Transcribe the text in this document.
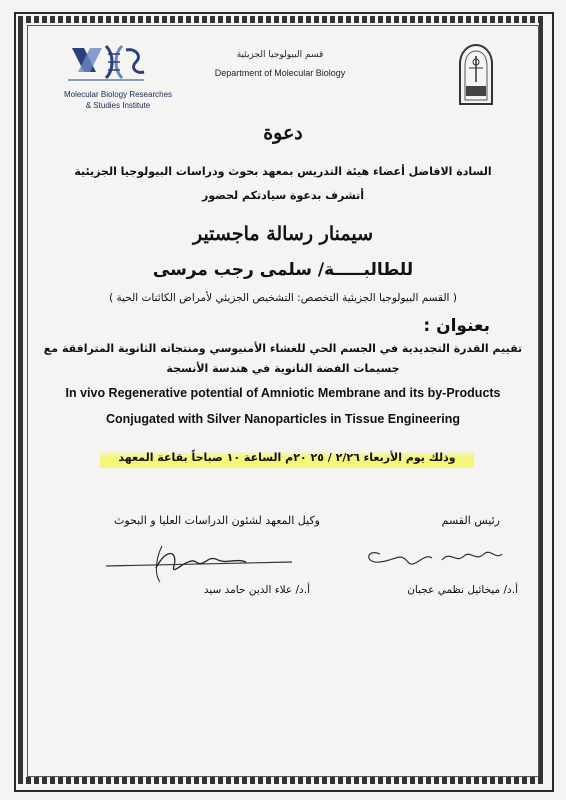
Molecular Biology Researches
& Studies Institute
قسم البيولوجيا الجزيئية
Department of Molecular Biology
دعوة
السادة الافاضل أعضاء هيئة التدريس بمعهد بحوث ودراسات البيولوجيا الجزيئية
أتشرف بدعوة سيادتكم لحضور
سيمنار رسالة ماجستير
للطالبـــــة/ سلمى رجب مرسى
( القسم البيولوجيا الجزيئية التخصص: التشخيص الجزيئي لأمراض الكائنات الحية )
: بعنوان
تقييم القدرة التجديدية في الجسم الحي للغشاء الأمنيوسي ومنتجاته الثانوية المترافقة مع
جسيمات الفضة النانوية في هندسة الأنسجة
In vivo Regenerative potential of Amniotic Membrane and its by-Products
Conjugated with Silver Nanoparticles in Tissue Engineering
وذلك يوم الأربعاء ٢/٢٦ / ٢٥ ٢٠م الساعة ١٠ صباحاً بقاعة المعهد
رئيس القسم
وكيل المعهد لشئون الدراسات العليا و البحوث
أ.د/ ميخائيل نظمي عجبان
أ.د/ علاء الدين حامد سيد
